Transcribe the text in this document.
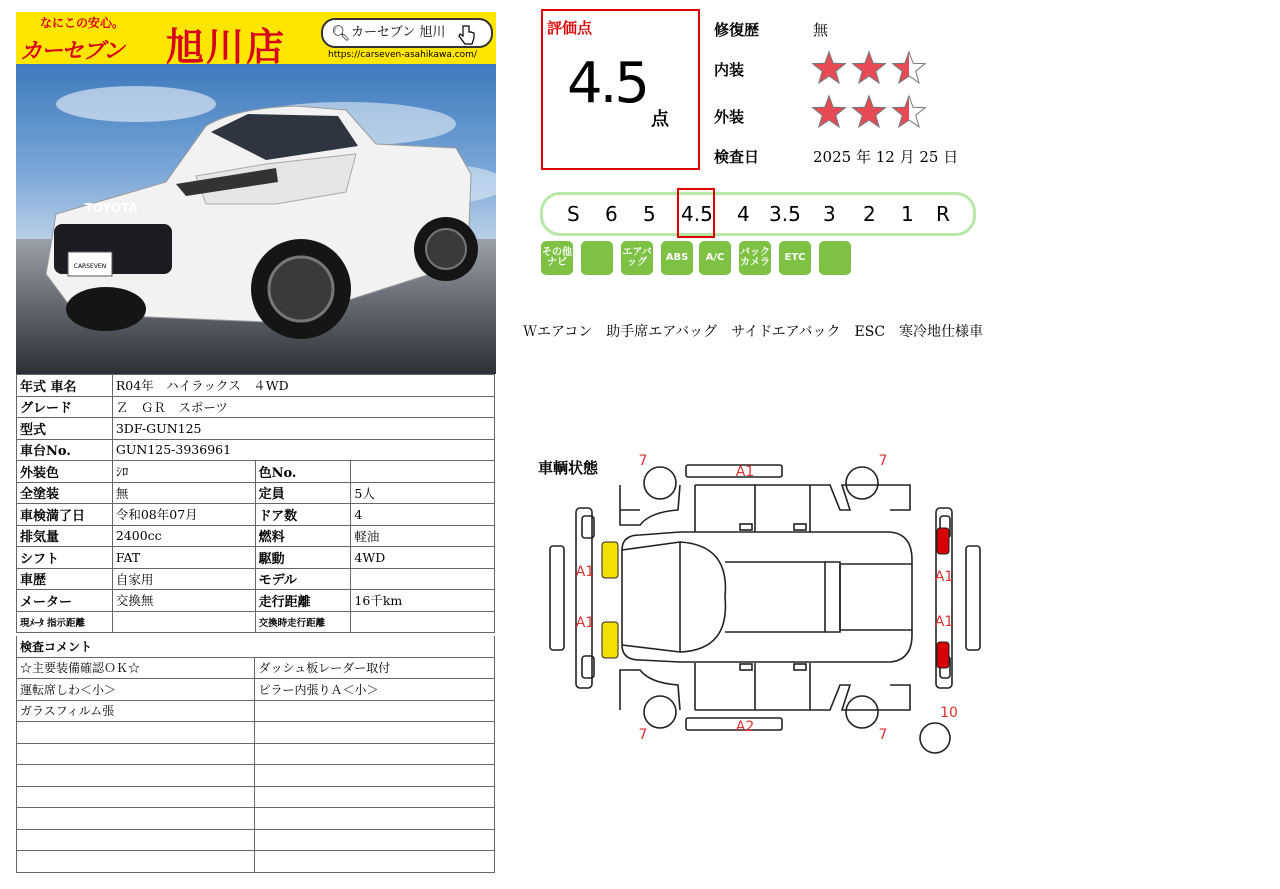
なにこの安心。
カーセブン 旭川店	🔍︎ カーセブン 旭川
https://carseven-asahikawa.com/
TOYOTA
CARSEVEN
年式 車名	R04年　ハイラックス　４WD		
グレード	Ｚ　ＧＲ　スポーツ		
型式	3DF-GUN125		
車台No.	GUN125-3936961		
外装色	ｼﾛ	色No.	
全塗装	無	定員	5人
車検満了日	令和08年07月	ドア数	4
排気量	2400cc	燃料	軽油
シフト	FAT	駆動	4WD
車歴	自家用	モデル	
メーター	交換無	走行距離	16千km
現ﾒｰﾀ 指示距離		交換時走行距離	
検査コメント	
☆主要装備確認ＯＫ☆	ダッシュ板レーダー取付
運転席しわ＜小＞	ピラー内張りＡ＜小＞
ガラスフィルム張	

評価点
4.5
点
修復歴	無
内装
外装
検査日	2025 年 12 月 25 日
S 6 5 4.5 4 3.5 3 2 1 R
その他ナビ
エアバッグ	ABS	A/C	バックカメラ	ETC
Ｗエアコン　助手席エアバッグ　サイドエアバック　ESC　寒冷地仕様車
7	7
A1
7	7
A2
A1
A1
A1
A1
10
車輌状態
